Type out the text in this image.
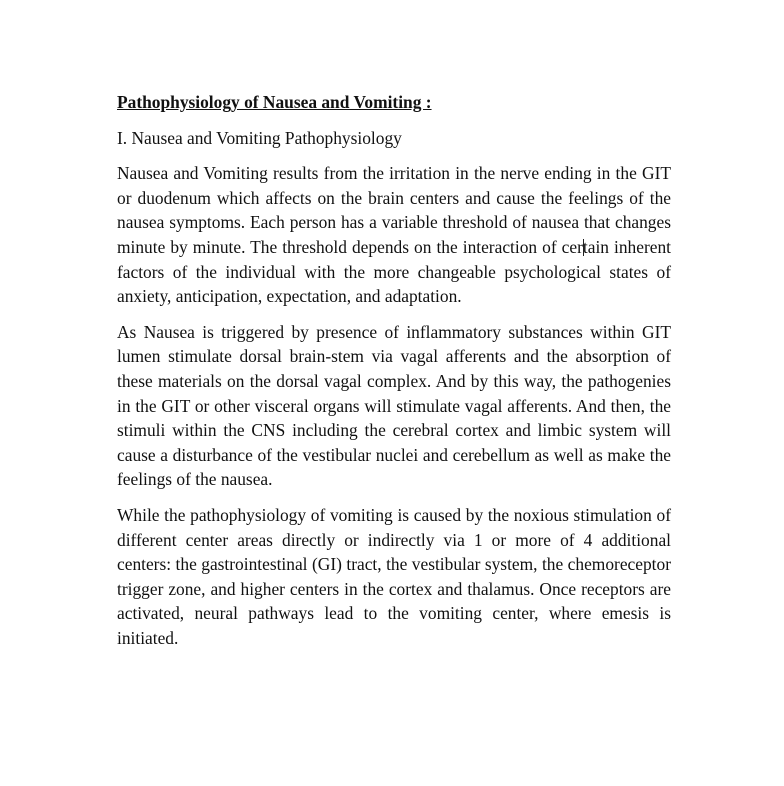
Pathophysiology of Nausea and Vomiting :
I. Nausea and Vomiting Pathophysiology

Nausea and Vomiting results from the irritation in the nerve ending in the GIT or duodenum which affects on the brain centers and cause the feelings of the nausea symptoms. Each person has a variable threshold of nausea that changes minute by minute. The threshold depends on the interaction of certain inherent factors of the individual with the more changeable psychological states of anxiety, anticipation, expectation, and adaptation.

As Nausea is triggered by presence of inflammatory substances within GIT lumen stimulate dorsal brain-stem via vagal afferents and the absorption of these materials on the dorsal vagal complex. And by this way, the pathogenies in the GIT or other visceral organs will stimulate vagal afferents. And then, the stimuli within the CNS including the cerebral cortex and limbic system will cause a disturbance of the vestibular nuclei and cerebellum as well as make the feelings of the nausea.

While the pathophysiology of vomiting is caused by the noxious stimulation of different center areas directly or indirectly via 1 or more of 4 additional centers: the gastrointestinal (GI) tract, the vestibular system, the chemoreceptor trigger zone, and higher centers in the cortex and thalamus. Once receptors are activated, neural pathways lead to the vomiting center, where emesis is initiated.
